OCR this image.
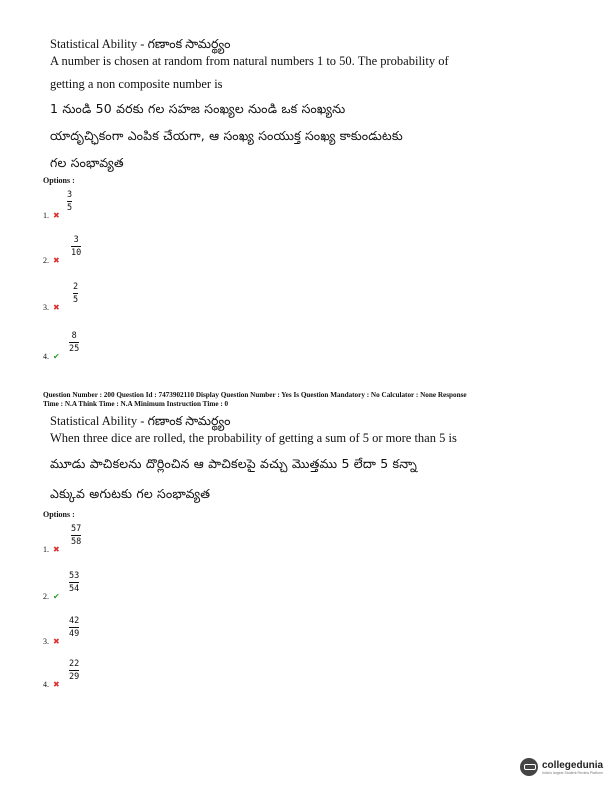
Statistical Ability - గణాంక సామర్థ్యం
A number is chosen at random from natural numbers 1 to 50. The probability of
getting a non composite number is
1 నుండి 50 వరకు గల సహజ సంఖ్యల నుండి ఒక సంఖ్యను
యాదృచ్ఛికంగా ఎంపిక చేయగా, ఆ సంఖ్య సంయుక్త సంఖ్య కాకుండుటకు
గల సంభావ్యత
Options :
1. ✖
3
5
2. ✖
3
10
3. ✖
2
5
4. ✔
8
25
Question Number : 200 Question Id : 7473902110 Display Question Number : Yes Is Question Mandatory : No Calculator : None Response
Time : N.A Think Time : N.A Minimum Instruction Time : 0
Statistical Ability - గణాంక సామర్థ్యం
When three dice are rolled, the probability of getting a sum of 5 or more than 5 is
మూడు పాచికలను దొర్లించిన ఆ పాచికలపై వచ్చు మొత్తము 5 లేదా 5 కన్నా
ఎక్కువ అగుటకు గల సంభావ్యత
Options :
1. ✖
57
58
2. ✔
53
54
3. ✖
42
49
4. ✖
22
29
collegedunia
India's largest Student Review Platform
